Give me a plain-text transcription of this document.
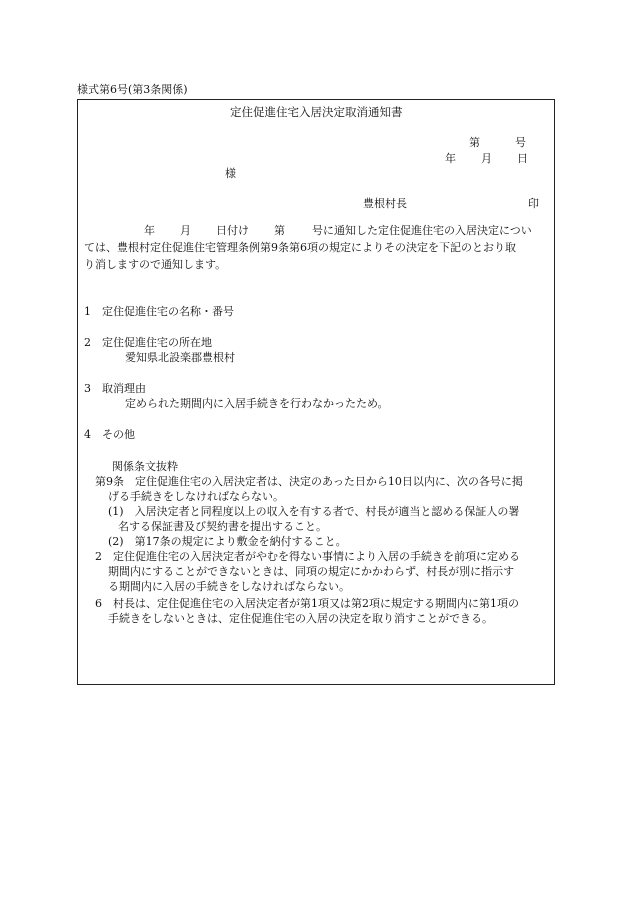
様式第6号(第3条関係)
定住促進住宅入居決定取消通知書
第	号
年 月 日
様
豊根村長	印
年 月 日付け 第 号に通知した定住促進住宅の入居決定につい
ては、豊根村定住促進住宅管理条例第9条第6項の規定によりその決定を下記のとおり取
り消しますので通知します。
1　定住促進住宅の名称・番号
2　定住促進住宅の所在地
愛知県北設楽郡豊根村
3　取消理由
定められた期間内に入居手続きを行わなかったため。
4　その他
関係条文抜粋
第9条　定住促進住宅の入居決定者は、決定のあった日から10日以内に、次の各号に掲
げる手続きをしなければならない。
(1)　入居決定者と同程度以上の収入を有する者で、村長が適当と認める保証人の署
名する保証書及び契約書を提出すること。
(2)　第17条の規定により敷金を納付すること。
2　定住促進住宅の入居決定者がやむを得ない事情により入居の手続きを前項に定める
期間内にすることができないときは、同項の規定にかかわらず、村長が別に指示す
る期間内に入居の手続きをしなければならない。
6　村長は、定住促進住宅の入居決定者が第1項又は第2項に規定する期間内に第1項の
手続きをしないときは、定住促進住宅の入居の決定を取り消すことができる。
